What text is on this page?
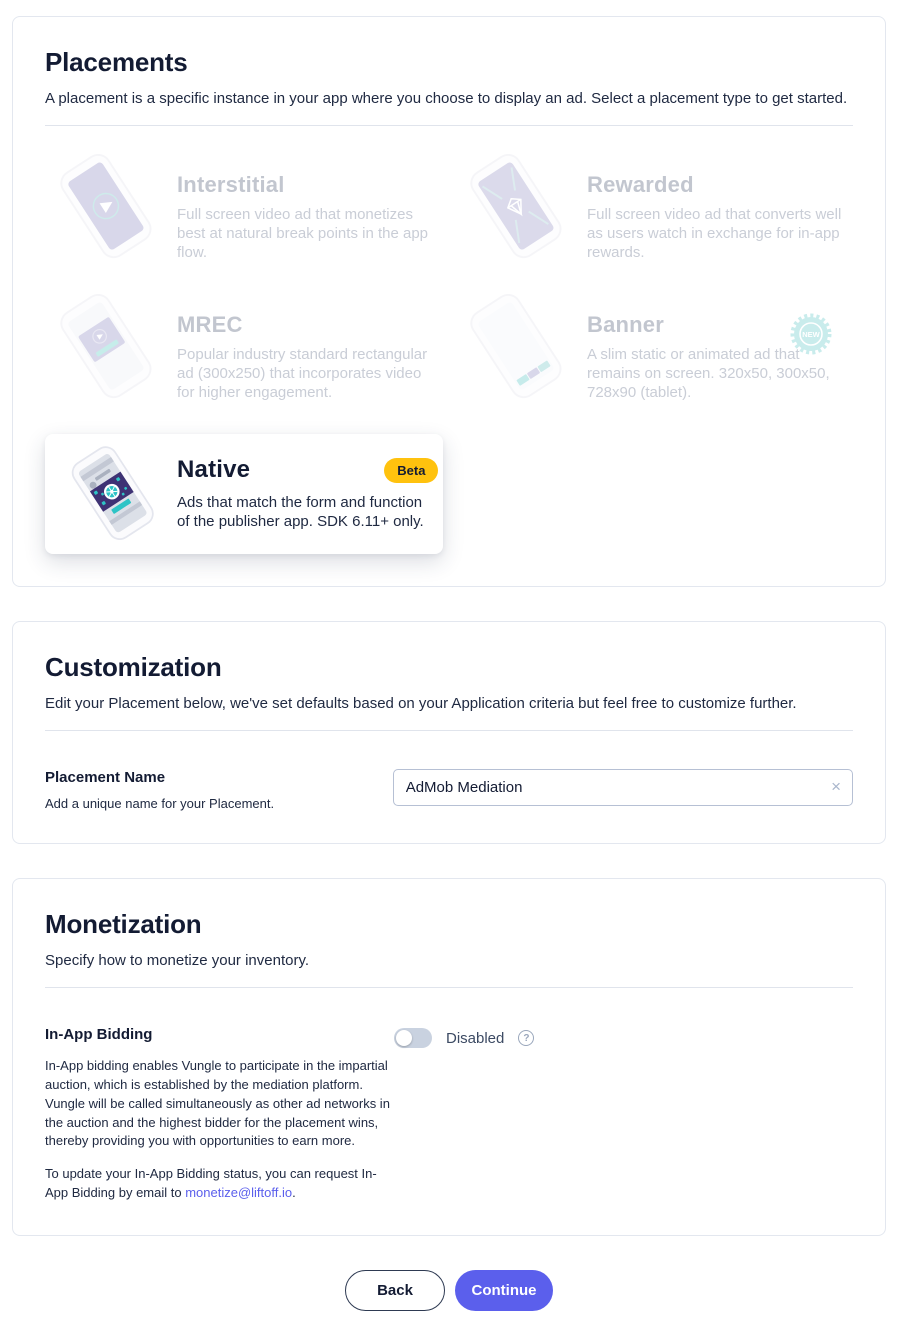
Placements
A placement is a specific instance in your app where you choose to display an ad. Select a placement type to get started.
Interstitial
Full screen video ad that monetizes best at natural break points in the app flow.
Rewarded
Full screen video ad that converts well as users watch in exchange for in-app rewards.
MREC
Popular industry standard rectangular ad (300x250) that incorporates video for higher engagement.
NEW
Banner
A slim static or animated ad that remains on screen. 320x50, 300x50, 728x90 (tablet).
Native	Beta
Ads that match the form and function of the publisher app. SDK 6.11+ only.
Customization
Edit your Placement below, we've set defaults based on your Application criteria but feel free to customize further.
Placement Name
Add a unique name for your Placement.
AdMob Mediation
×
Monetization
Specify how to monetize your inventory.
In-App Bidding

In-App bidding enables Vungle to participate in the impartial auction, which is established by the mediation platform. Vungle will be called simultaneously as other ad networks in the auction and the highest bidder for the placement wins, thereby providing you with opportunities to earn more.

To update your In-App Bidding status, you can request In-App Bidding by email to monetize@liftoff.io.

Disabled	?
Back	Continue
